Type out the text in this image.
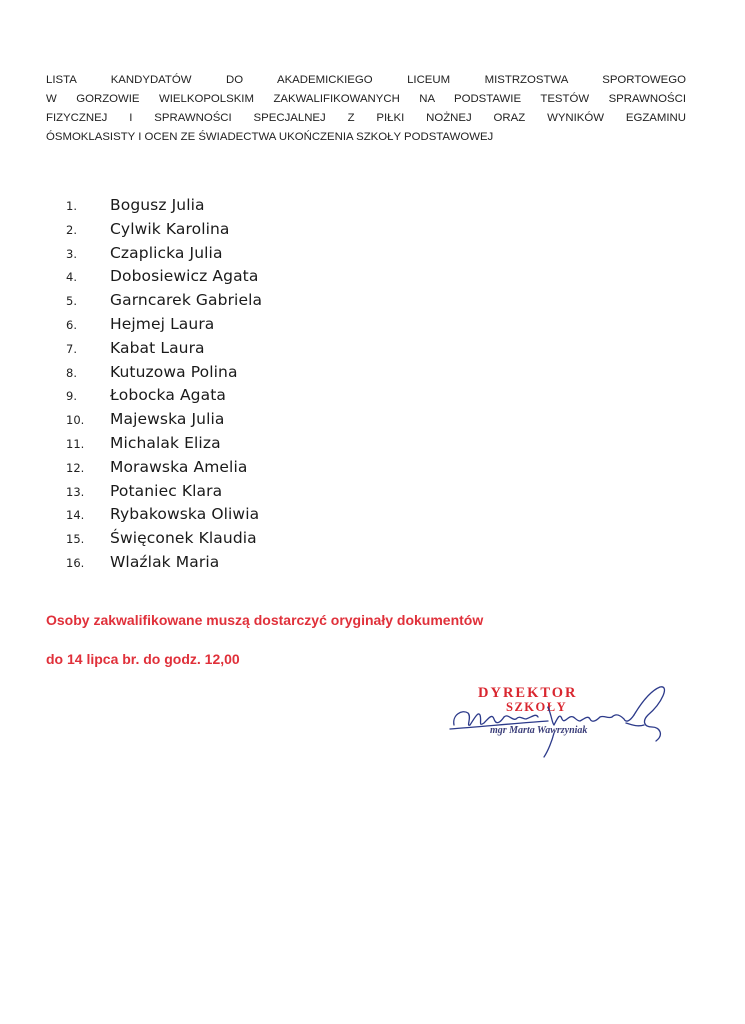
LISTA KANDYDATÓW DO AKADEMICKIEGO LICEUM MISTRZOSTWA SPORTOWEGO
W GORZOWIE WIELKOPOLSKIM ZAKWALIFIKOWANYCH NA PODSTAWIE TESTÓW SPRAWNOŚCI
FIZYCZNEJ I SPRAWNOŚCI SPECJALNEJ Z PIŁKI NOŻNEJ ORAZ WYNIKÓW EGZAMINU
ÓSMOKLASISTY I OCEN ZE ŚWIADECTWA UKOŃCZENIA SZKOŁY PODSTAWOWEJ
1.	Bogusz Julia
2.	Cylwik Karolina
3.	Czaplicka Julia
4.	Dobosiewicz Agata
5.	Garncarek Gabriela
6.	Hejmej Laura
7.	Kabat Laura
8.	Kutuzowa Polina
9.	Łobocka Agata
10.	Majewska Julia
11.	Michalak Eliza
12.	Morawska Amelia
13.	Potaniec Klara
14.	Rybakowska Oliwia
15.	Święconek Klaudia
16.	Wlaźlak Maria
Osoby zakwalifikowane muszą dostarczyć oryginały dokumentów
do 14 lipca br. do godz. 12,00

DYREKTOR

SZKOŁY

mgr Marta Wawrzyniak
